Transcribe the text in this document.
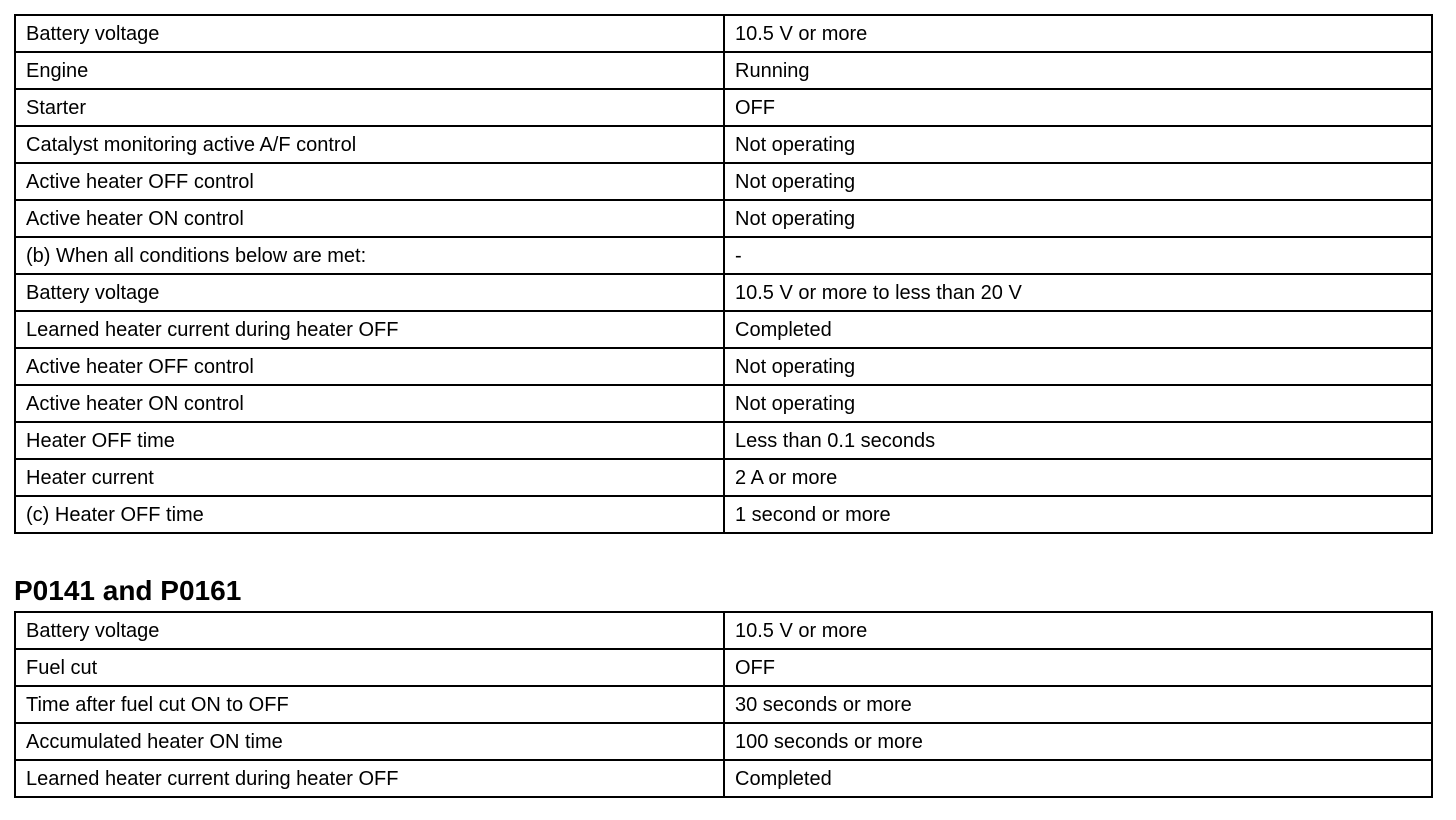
Battery voltage	10.5 V or more
Engine	Running
Starter	OFF
Catalyst monitoring active A/F control	Not operating
Active heater OFF control	Not operating
Active heater ON control	Not operating
(b) When all conditions below are met:	-
Battery voltage	10.5 V or more to less than 20 V
Learned heater current during heater OFF	Completed
Active heater OFF control	Not operating
Active heater ON control	Not operating
Heater OFF time	Less than 0.1 seconds
Heater current	2 A or more
(c) Heater OFF time	1 second or more
P0141 and P0161
Battery voltage	10.5 V or more
Fuel cut	OFF
Time after fuel cut ON to OFF	30 seconds or more
Accumulated heater ON time	100 seconds or more
Learned heater current during heater OFF	Completed
